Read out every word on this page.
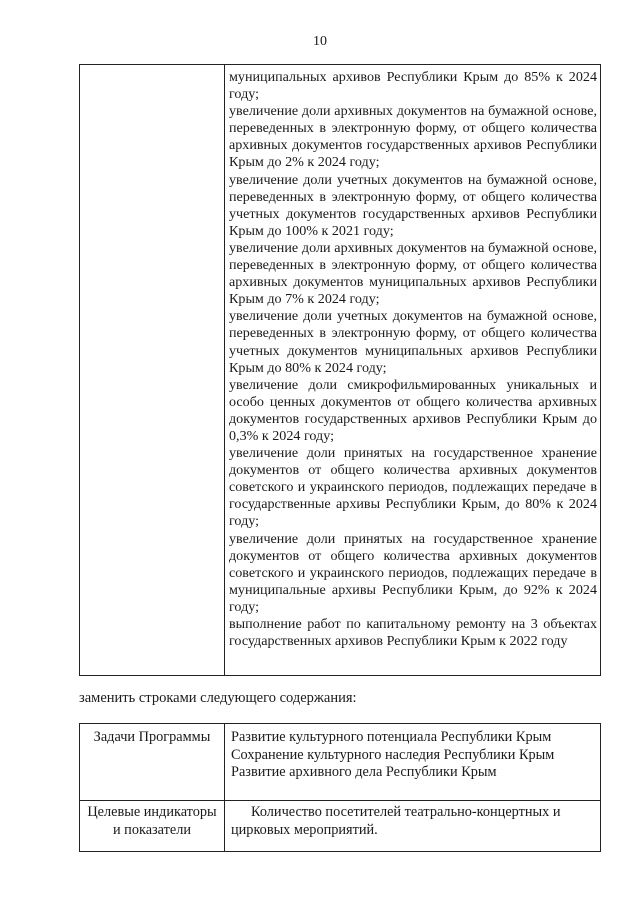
10

муниципальных архивов Республики Крым до 85% к 2024 году;

увеличение доли архивных документов на бумажной основе, переведенных в электронную форму, от общего количества архивных документов государственных архивов Республики Крым до 2% к 2024 году;

увеличение доли учетных документов на бумажной основе, переведенных в электронную форму, от общего количества учетных документов государственных архивов Республики Крым до 100% к 2021 году;

увеличение доли архивных документов на бумажной основе, переведенных в электронную форму, от общего количества архивных документов муниципальных архивов Республики Крым до 7% к 2024 году;

увеличение доли учетных документов на бумажной основе, переведенных в электронную форму, от общего количества учетных документов муниципальных архивов Республики Крым до 80% к 2024 году;

увеличение доли смикрофильмированных уникальных и особо ценных документов от общего количества архивных документов государственных архивов Республики Крым до 0,3% к 2024 году;

увеличение доли принятых на государственное хранение документов от общего количества архивных документов советского и украинского периодов, подлежащих передаче в государственные архивы Республики Крым, до 80% к 2024 году;

увеличение доли принятых на государственное хранение документов от общего количества архивных документов советского и украинского периодов, подлежащих передаче в муниципальные архивы Республики Крым, до 92% к 2024 году;

выполнение работ по капитальному ремонту на 3 объектах государственных архивов Республики Крым к 2022 году

заменить строками следующего содержания:
Задачи Программы	Развитие культурного потенциала Республики Крым
Сохранение культурного наследия Республики Крым
Развитие архивного дела Республики Крым

Целевые индикаторы и показатели	Количество посетителей театрально-концертных и цирковых мероприятий.
